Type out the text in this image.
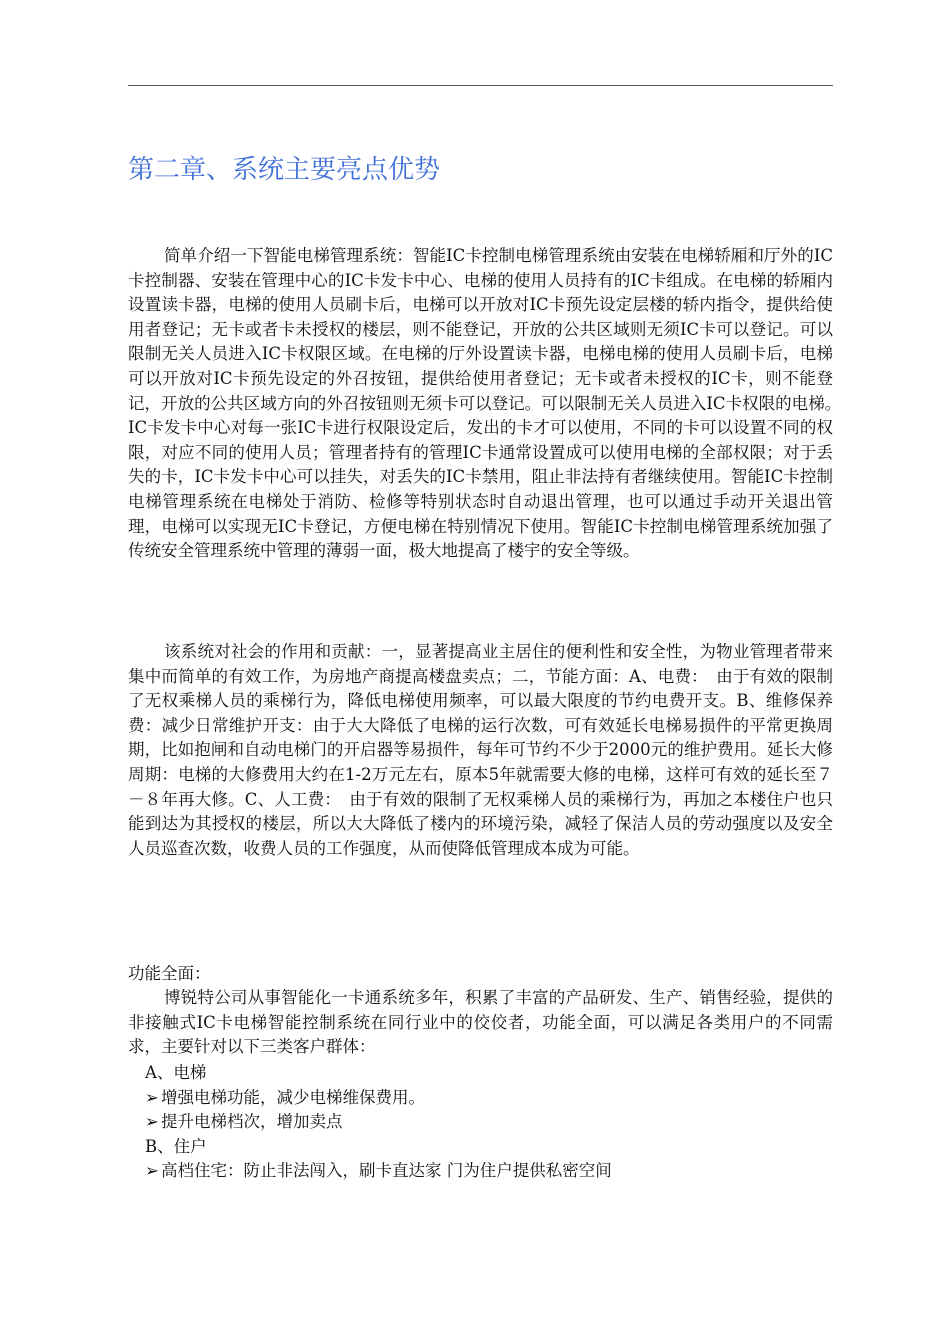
第二章、系统主要亮点优势

简单介绍一下智能电梯管理系统：智能IC卡控制电梯管理系统由安装在电梯轿厢和厅外的IC卡控制器、安装在管理中心的IC卡发卡中心、电梯的使用人员持有的IC卡组成。在电梯的轿厢内设置读卡器，电梯的使用人员刷卡后，电梯可以开放对IC卡预先设定层楼的轿内指令，提供给使用者登记；无卡或者卡未授权的楼层，则不能登记，开放的公共区域则无须IC卡可以登记。可以限制无关人员进入IC卡权限区域。在电梯的厅外设置读卡器，电梯电梯的使用人员刷卡后，电梯可以开放对IC卡预先设定的外召按钮，提供给使用者登记；无卡或者未授权的IC卡，则不能登记，开放的公共区域方向的外召按钮则无须卡可以登记。可以限制无关人员进入IC卡权限的电梯。　IC卡发卡中心对每一张IC卡进行权限设定后，发出的卡才可以使用，不同的卡可以设置不同的权限，对应不同的使用人员；管理者持有的管理IC卡通常设置成可以使用电梯的全部权限；对于丢失的卡，IC卡发卡中心可以挂失，对丢失的IC卡禁用，阻止非法持有者继续使用。智能IC卡控制电梯管理系统在电梯处于消防、检修等特别状态时自动退出管理，也可以通过手动开关退出管理，电梯可以实现无IC卡登记，方便电梯在特别情况下使用。智能IC卡控制电梯管理系统加强了传统安全管理系统中管理的薄弱一面，极大地提高了楼宇的安全等级。

该系统对社会的作用和贡献：一，显著提高业主居住的便利性和安全性，为物业管理者带来集中而简单的有效工作，为房地产商提高楼盘卖点；二，节能方面：A、电费：　由于有效的限制了无权乘梯人员的乘梯行为，降低电梯使用频率，可以最大限度的节约电费开支。B、维修保养费：减少日常维护开支：由于大大降低了电梯的运行次数，可有效延长电梯易损件的平常更换周期，比如抱闸和自动电梯门的开启器等易损件，每年可节约不少于2000元的维护费用。延长大修周期：电梯的大修费用大约在1-2万元左右，原本5年就需要大修的电梯，这样可有效的延长至７－８年再大修。C、人工费：　由于有效的限制了无权乘梯人员的乘梯行为，再加之本楼住户也只能到达为其授权的楼层，所以大大降低了楼内的环境污染，减轻了保洁人员的劳动强度以及安全人员巡查次数，收费人员的工作强度，从而使降低管理成本成为可能。

功能全面：

博锐特公司从事智能化一卡通系统多年，积累了丰富的产品研发、生产、销售经验，提供的非接触式IC卡电梯智能控制系统在同行业中的佼佼者，功能全面，可以满足各类用户的不同需求，主要针对以下三类客户群体：

A、电梯
➢ 增强电梯功能，减少电梯维保费用。
➢ 提升电梯档次，增加卖点
B、住户
➢ 高档住宅：防止非法闯入，刷卡直达家 门为住户提供私密空间
